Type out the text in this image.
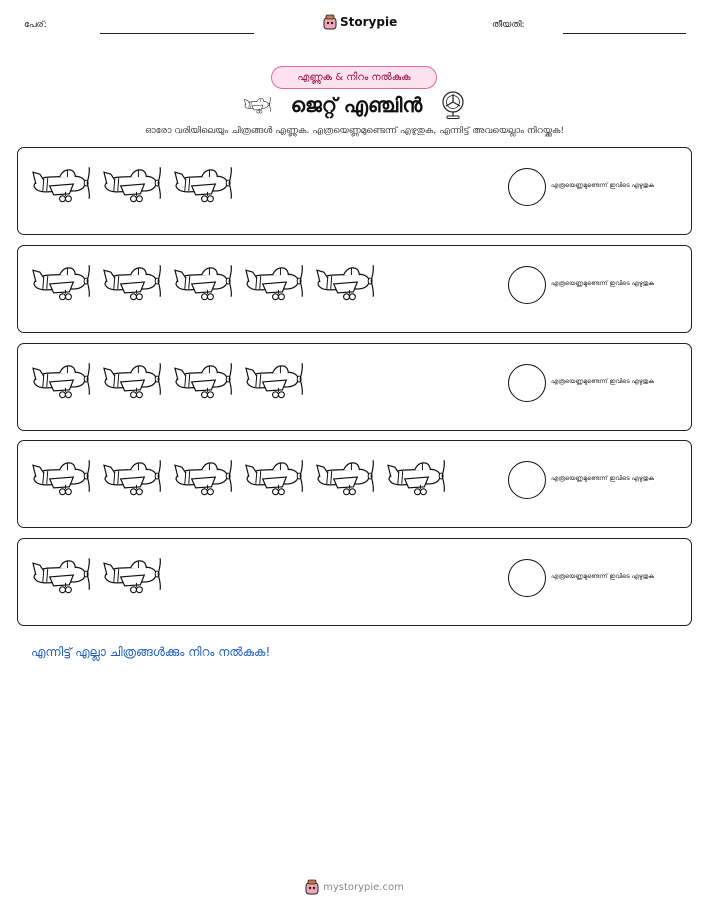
പേര്:	Storypie	തീയതി:
എണ്ണുക & നിറം നൽകുക
ജെറ്റ് എഞ്ചിൻ
ഓരോ വരിയിലെയും ചിത്രങ്ങൾ എണ്ണുക. എത്രയെണ്ണമുണ്ടെന്ന് എഴുതുക, എന്നിട്ട് അവയെല്ലാം നിറയ്ക്കുക!
എത്രയെണ്ണമുണ്ടെന്ന് ഇവിടെ എഴുതുക
എത്രയെണ്ണമുണ്ടെന്ന് ഇവിടെ എഴുതുക
എത്രയെണ്ണമുണ്ടെന്ന് ഇവിടെ എഴുതുക
എത്രയെണ്ണമുണ്ടെന്ന് ഇവിടെ എഴുതുക
എത്രയെണ്ണമുണ്ടെന്ന് ഇവിടെ എഴുതുക
എന്നിട്ട് എല്ലാ ചിത്രങ്ങൾക്കും നിറം നൽകുക!
mystorypie.com
